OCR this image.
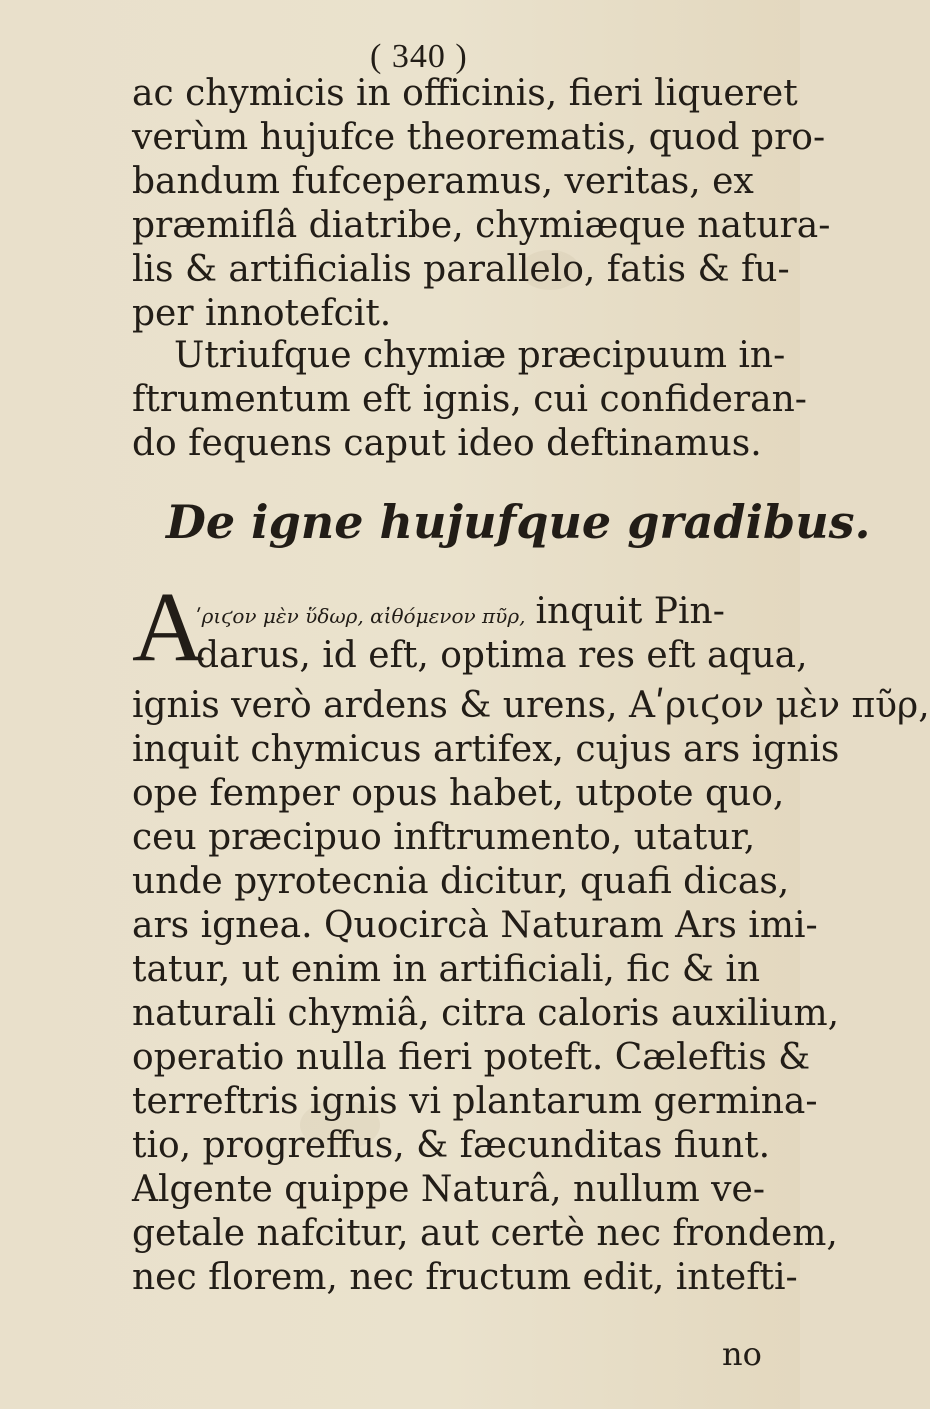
( 340 )
ac chymicis in officinis, fieri liqueret
verùm hujufce theorematis, quod pro-
bandum fufceperamus, veritas, ex
præmiflâ diatribe, chymiæque natura-
lis & artificialis parallelo, fatis & fu-
per innotefcit.
Utriufque chymiæ præcipuum in-
ftrumentum eft ignis, cui confideran-
do fequens caput ideo deftinamus.
De igne hujufque gradibus.
A
ʹριϛον μὲν ὕδωρ, αἰθόμενον πῦρ, inquit Pin-
darus, id eft, optima res eft aqua,
ignis verò ardens & urens, Αʹριϛον μὲν πῦρ,
inquit chymicus artifex, cujus ars ignis
ope femper opus habet, utpote quo,
ceu præcipuo inftrumento, utatur,
unde pyrotecnia dicitur, quafi dicas,
ars ignea. Quocircà Naturam Ars imi-
tatur, ut enim in artificiali, fic & in
naturali chymiâ, citra caloris auxilium,
operatio nulla fieri poteft. Cæleftis &
terreftris ignis vi plantarum germina-
tio, progreffus, & fæcunditas fiunt.
Algente quippe Naturâ, nullum ve-
getale nafcitur, aut certè nec frondem,
nec florem, nec fructum edit, intefti-
no
